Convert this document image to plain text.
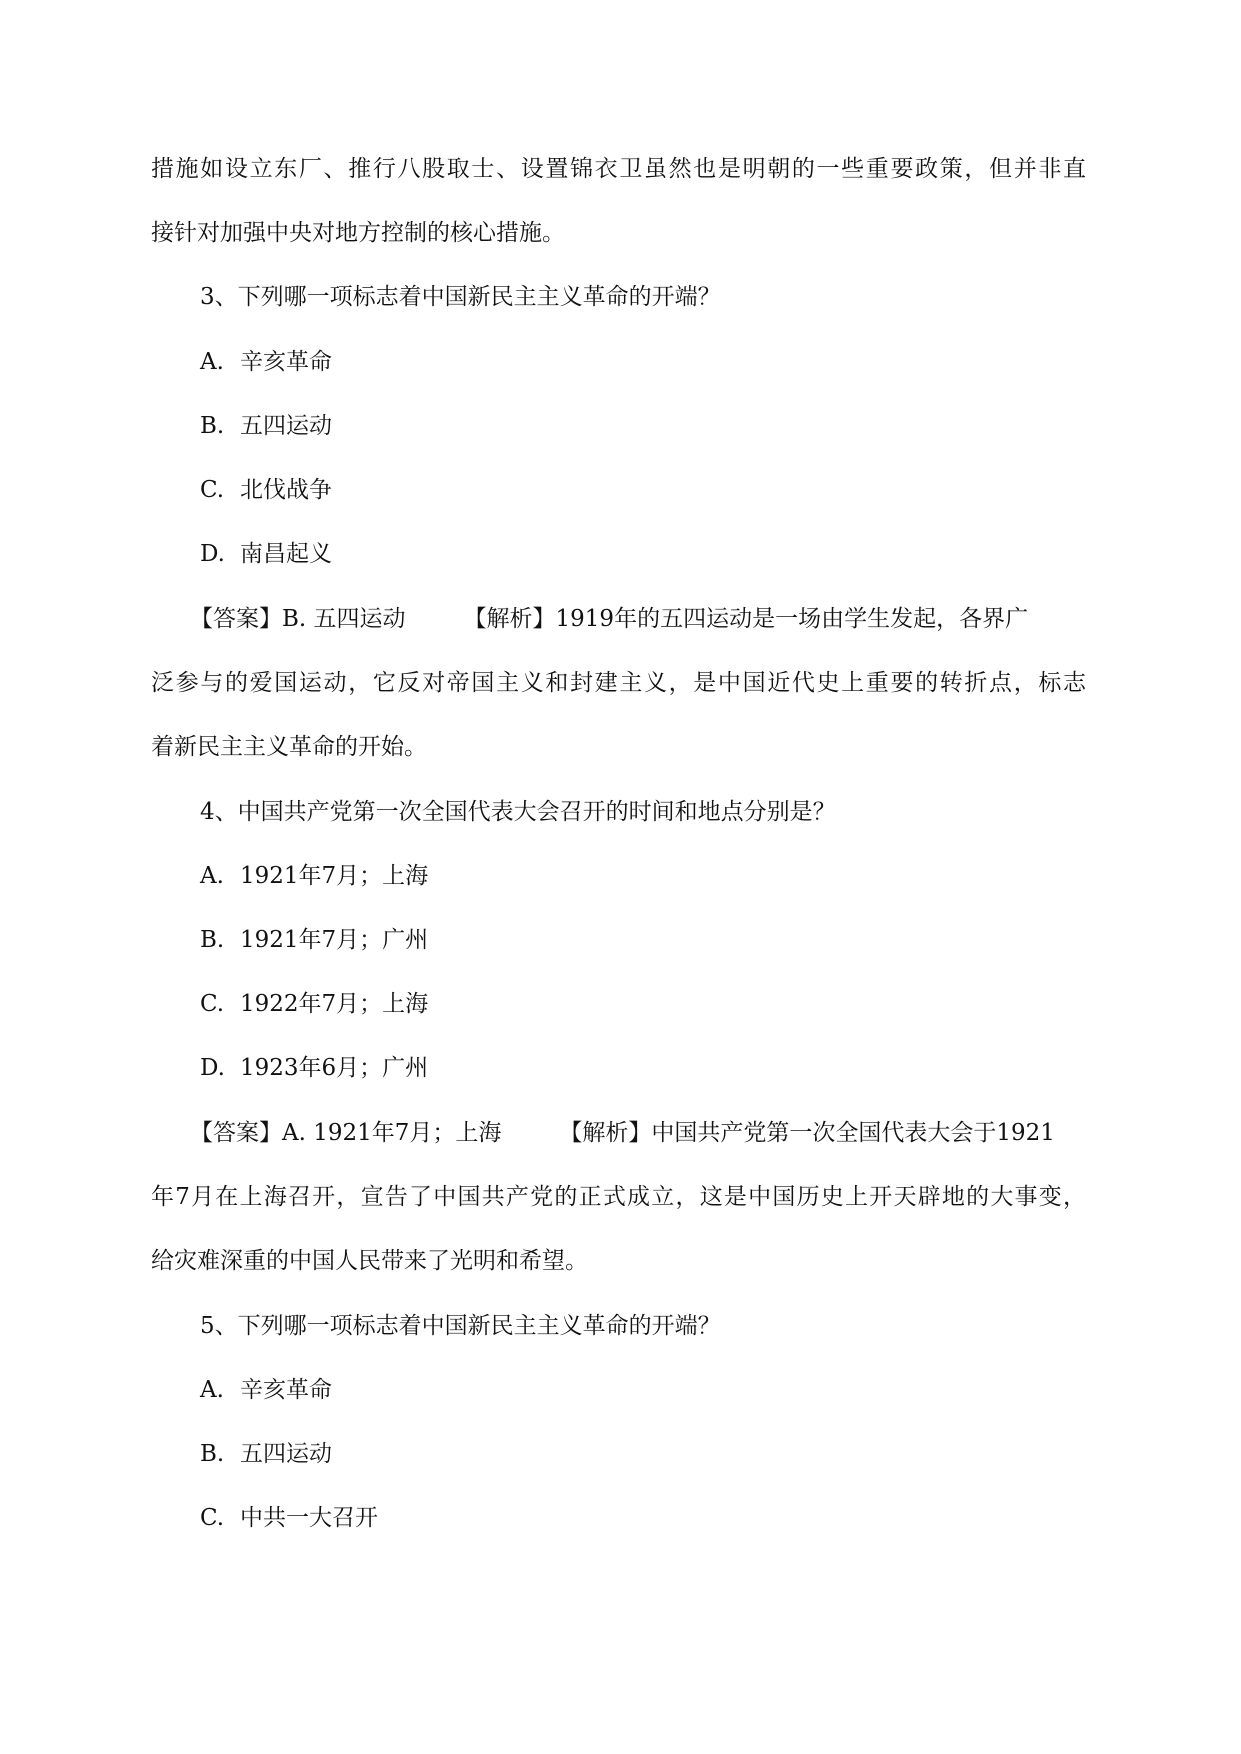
措施如设立东厂、推行八股取士、设置锦衣卫虽然也是明朝的一些重要政策，但并非直
接针对加强中央对地方控制的核心措施。
3、下列哪一项标志着中国新民主主义革命的开端？
A. 辛亥革命
B. 五四运动
C. 北伐战争
D. 南昌起义
【答案】B. 五四运动	【解析】1919年的五四运动是一场由学生发起，各界广
泛参与的爱国运动，它反对帝国主义和封建主义，是中国近代史上重要的转折点，标志
着新民主主义革命的开始。
4、中国共产党第一次全国代表大会召开的时间和地点分别是？
A. 1921年7月；上海
B. 1921年7月；广州
C. 1922年7月；上海
D. 1923年6月；广州
【答案】A. 1921年7月；上海	【解析】中国共产党第一次全国代表大会于1921
年7月在上海召开，宣告了中国共产党的正式成立，这是中国历史上开天辟地的大事变，
给灾难深重的中国人民带来了光明和希望。
5、下列哪一项标志着中国新民主主义革命的开端？
A. 辛亥革命
B. 五四运动
C. 中共一大召开
